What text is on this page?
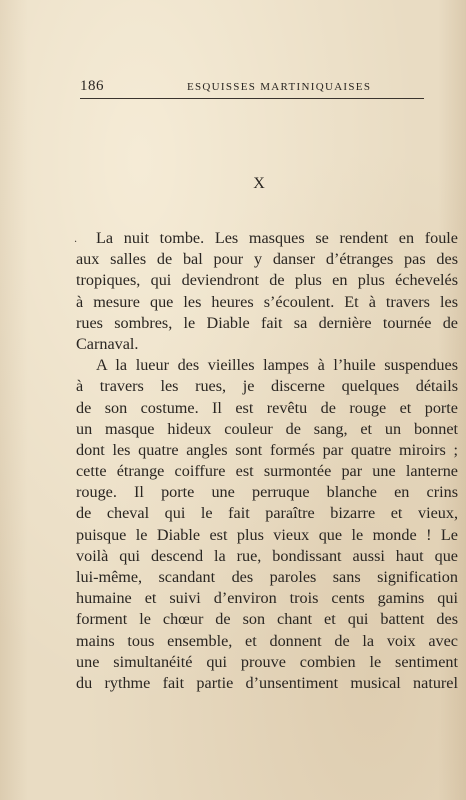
186	ESQUISSES MARTINIQUAISES
X
.	La nuit tombe. Les masques se rendent en foule
aux salles de bal pour y danser d’étranges pas des
tropiques, qui deviendront de plus en plus échevelés
à mesure que les heures s’écoulent. Et à travers les
rues sombres, le Diable fait sa dernière tournée de
Carnaval.
A la lueur des vieilles lampes à l’huile suspendues
à travers les rues, je discerne quelques détails
de son costume. Il est revêtu de rouge et porte
un masque hideux couleur de sang, et un bonnet
dont les quatre angles sont formés par quatre miroirs ;
cette étrange coiffure est surmontée par une lanterne
rouge. Il porte une perruque blanche en crins
de cheval qui le fait paraître bizarre et vieux,
puisque le Diable est plus vieux que le monde ! Le
voilà qui descend la rue, bondissant aussi haut que
lui-même, scandant des paroles sans signification
humaine et suivi d’environ trois cents gamins qui
forment le chœur de son chant et qui battent des
mains tous ensemble, et donnent de la voix avec
une simultanéité qui prouve combien le sentiment
du rythme fait partie d’unsentiment musical naturel
